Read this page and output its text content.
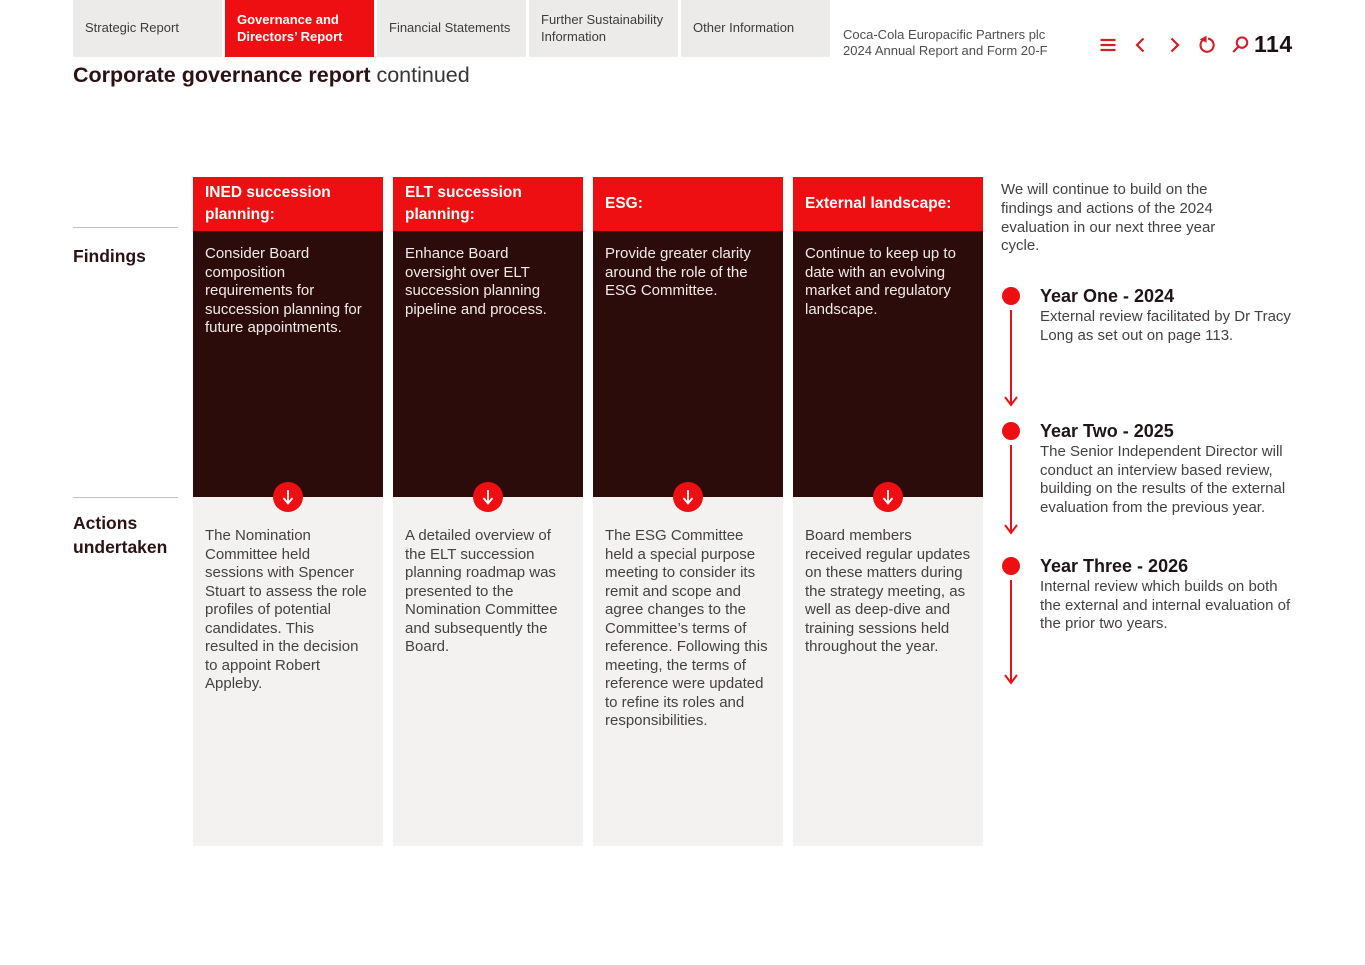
Strategic Report
Governance and Directors’ Report
Financial Statements
Further Sustainability Information
Other Information	Coca-Cola Europacific Partners plc
2024 Annual Report and Form 20-F	114
Corporate governance report continued
Findings
Actions undertaken
INED succession planning:
Consider Board composition requirements for succession planning for future appointments.
The Nomination Committee held sessions with Spencer Stuart to assess the role profiles of potential candidates. This resulted in the decision to appoint Robert Appleby.
ELT succession planning:
Enhance Board oversight over ELT succession planning pipeline and process.
A detailed overview of the ELT succession planning roadmap was presented to the Nomination Committee and subsequently the Board.
ESG:
Provide greater clarity around the role of the ESG Committee.
The ESG Committee held a special purpose meeting to consider its remit and scope and agree changes to the Committee’s terms of reference. Following this meeting, the terms of reference were updated to refine its roles and responsibilities.
External landscape:
Continue to keep up to date with an evolving market and regulatory landscape.
Board members received regular updates on these matters during the strategy meeting, as well as deep-dive and training sessions held throughout the year.

We will continue to build on the findings and actions of the 2024 evaluation in our next three year cycle.

Year One - 2024
External review facilitated by Dr Tracy Long as set out on page 113.
Year Two - 2025
The Senior Independent Director will conduct an interview based review, building on the results of the external evaluation from the previous year.
Year Three - 2026
Internal review which builds on both the external and internal evaluation of the prior two years.
